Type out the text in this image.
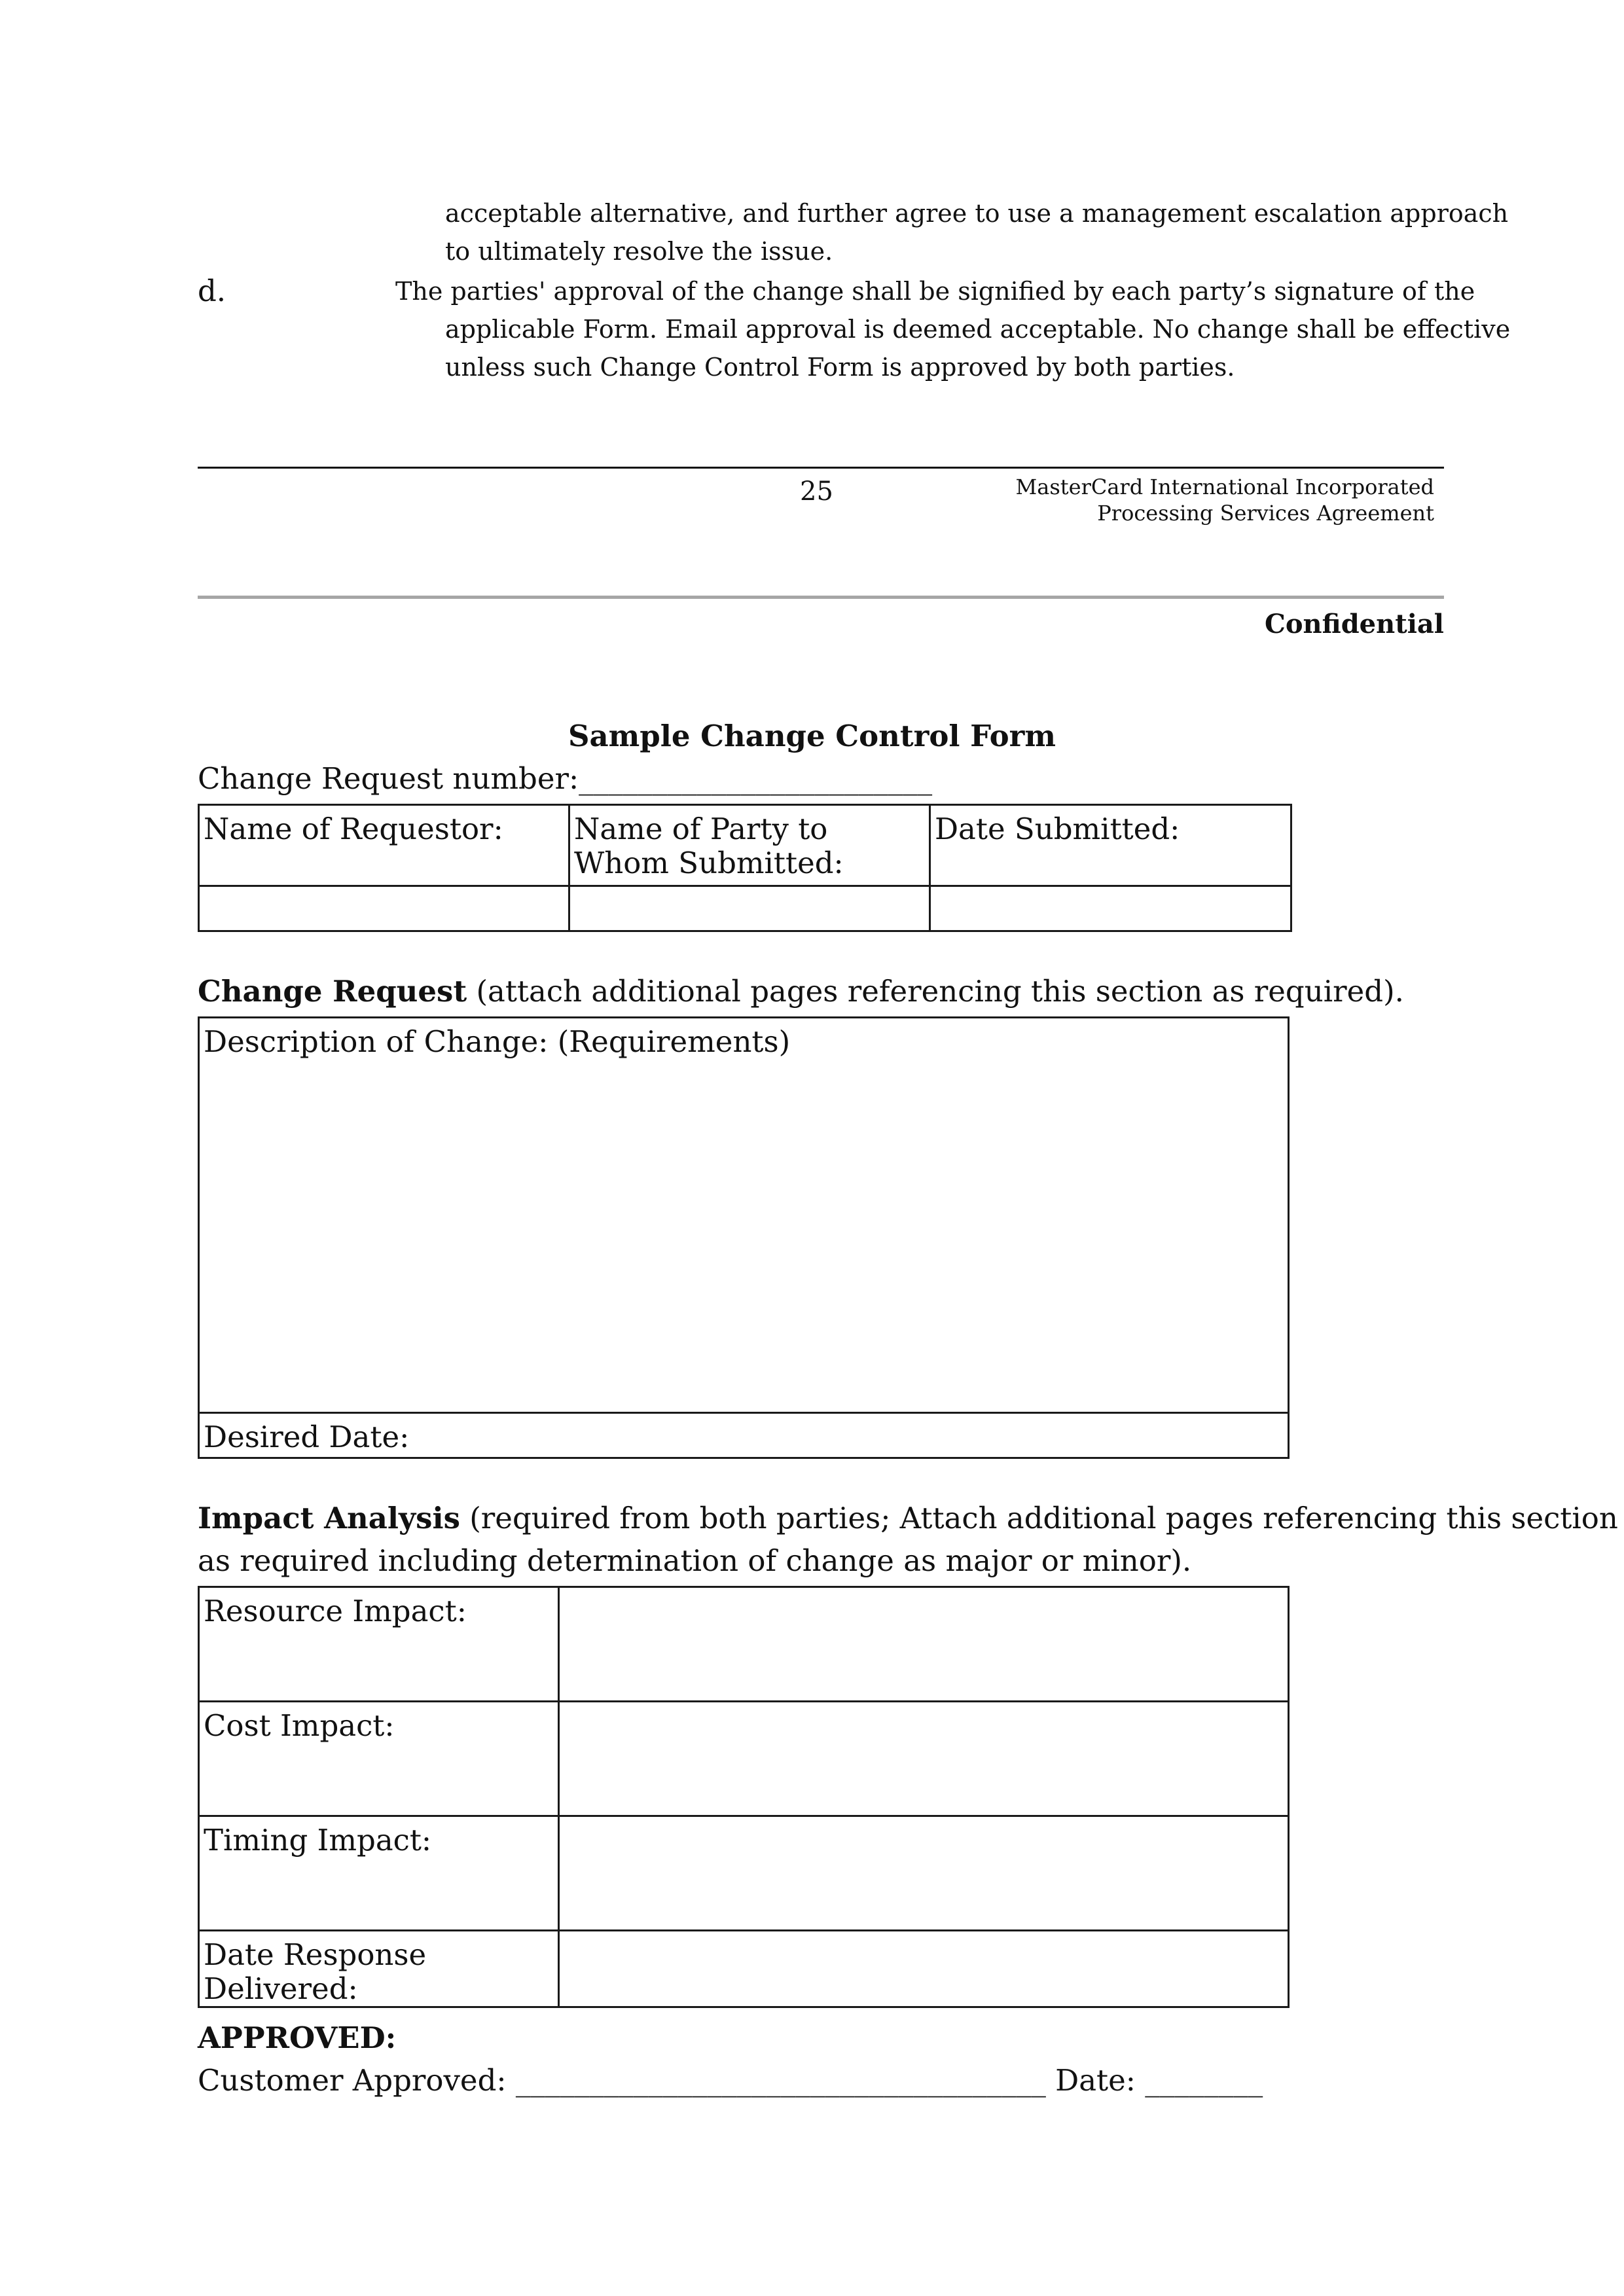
acceptable alternative, and further agree to use a management escalation approach
to ultimately resolve the issue.
d.	The parties' approval of the change shall be signified by each party’s signature of the
applicable Form. Email approval is deemed acceptable. No change shall be effective
unless such Change Control Form is approved by both parties.
25	MasterCard International Incorporated
Processing Services Agreement
Confidential
Sample Change Control Form
Change Request number:________________________
Name of Requestor:	Name of Party to Whom Submitted:	Date Submitted:

Change Request (attach additional pages referencing this section as required).
Description of Change: (Requirements)
Desired Date:
Impact Analysis (required from both parties; Attach additional pages referencing this section
as required including determination of change as major or minor).
Resource Impact:	
Cost Impact:	
Timing Impact:	
Date Response Delivered:	
APPROVED:
Customer Approved: ____________________________________ Date: ________
